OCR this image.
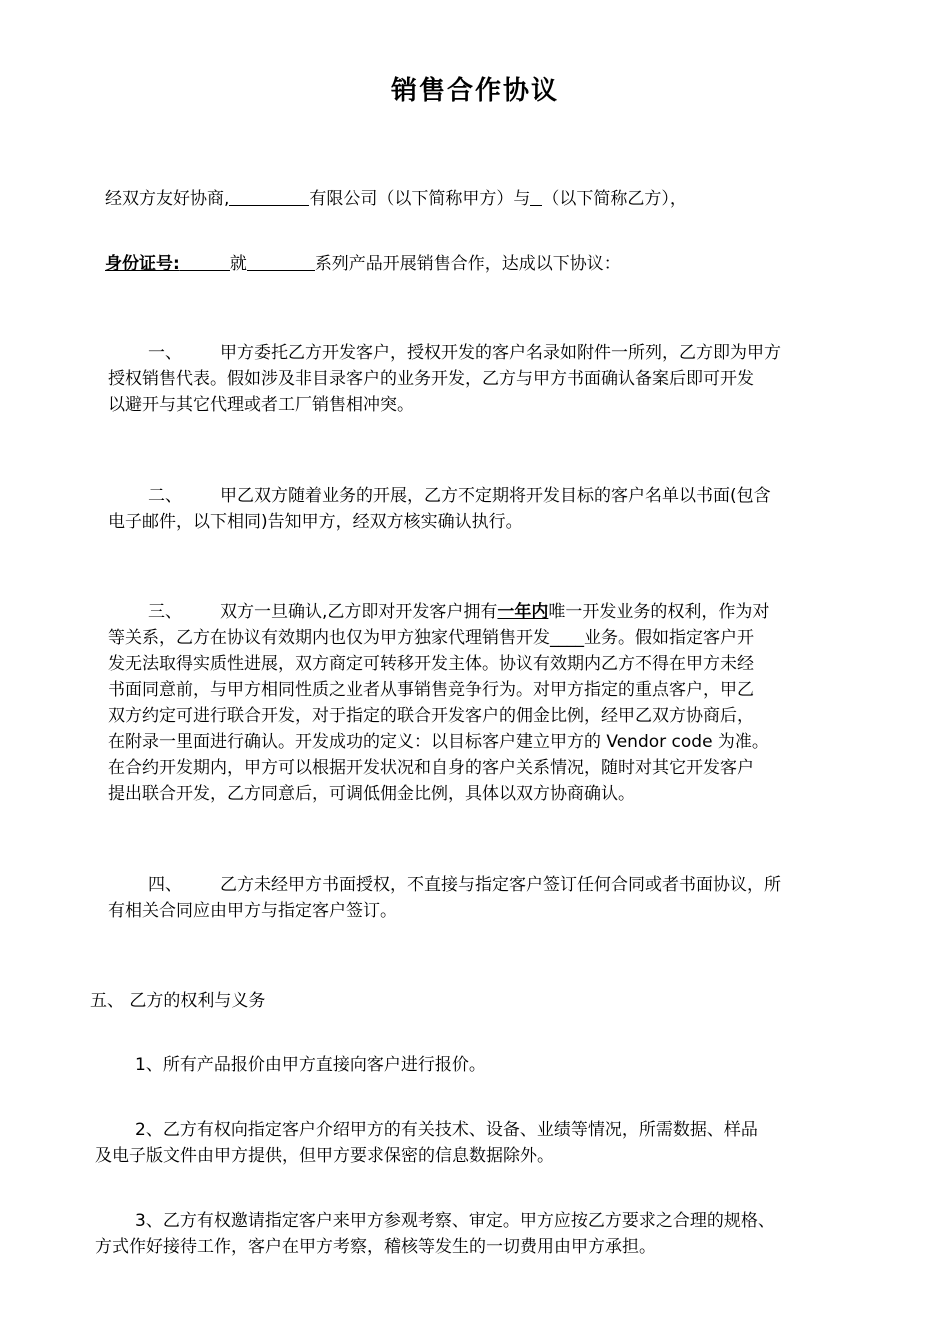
销售合作协议
经双方友好协商,	有限公司（以下简称甲方）与 （以下简称乙方），
身份证号:	就	系列产品开展销售合作，达成以下协议：
一、 甲方委托乙方开发客户，授权开发的客户名录如附件一所列，乙方即为甲方
授权销售代表。假如涉及非目录客户的业务开发，乙方与甲方书面确认备案后即可开发
以避开与其它代理或者工厂销售相冲突。
二、 甲乙双方随着业务的开展，乙方不定期将开发目标的客户名单以书面(包含
电子邮件，以下相同)告知甲方，经双方核实确认执行。
三、 双方一旦确认,乙方即对开发客户拥有一年内唯一开发业务的权利，作为对
等关系，乙方在协议有效期内也仅为甲方独家代理销售开发____业务。假如指定客户开
发无法取得实质性进展，双方商定可转移开发主体。协议有效期内乙方不得在甲方未经
书面同意前，与甲方相同性质之业者从事销售竞争行为。对甲方指定的重点客户，甲乙
双方约定可进行联合开发，对于指定的联合开发客户的佣金比例，经甲乙双方协商后，
在附录一里面进行确认。开发成功的定义：以目标客户建立甲方的 Vendor code 为准。
在合约开发期内，甲方可以根据开发状况和自身的客户关系情况，随时对其它开发客户
提出联合开发，乙方同意后，可调低佣金比例，具体以双方协商确认。
四、 乙方未经甲方书面授权，不直接与指定客户签订任何合同或者书面协议，所
有相关合同应由甲方与指定客户签订。
五、 乙方的权利与义务
1、所有产品报价由甲方直接向客户进行报价。
2、乙方有权向指定客户介绍甲方的有关技术、设备、业绩等情况，所需数据、样品
及电子版文件由甲方提供，但甲方要求保密的信息数据除外。
3、乙方有权邀请指定客户来甲方参观考察、审定。甲方应按乙方要求之合理的规格、
方式作好接待工作，客户在甲方考察，稽核等发生的一切费用由甲方承担。
